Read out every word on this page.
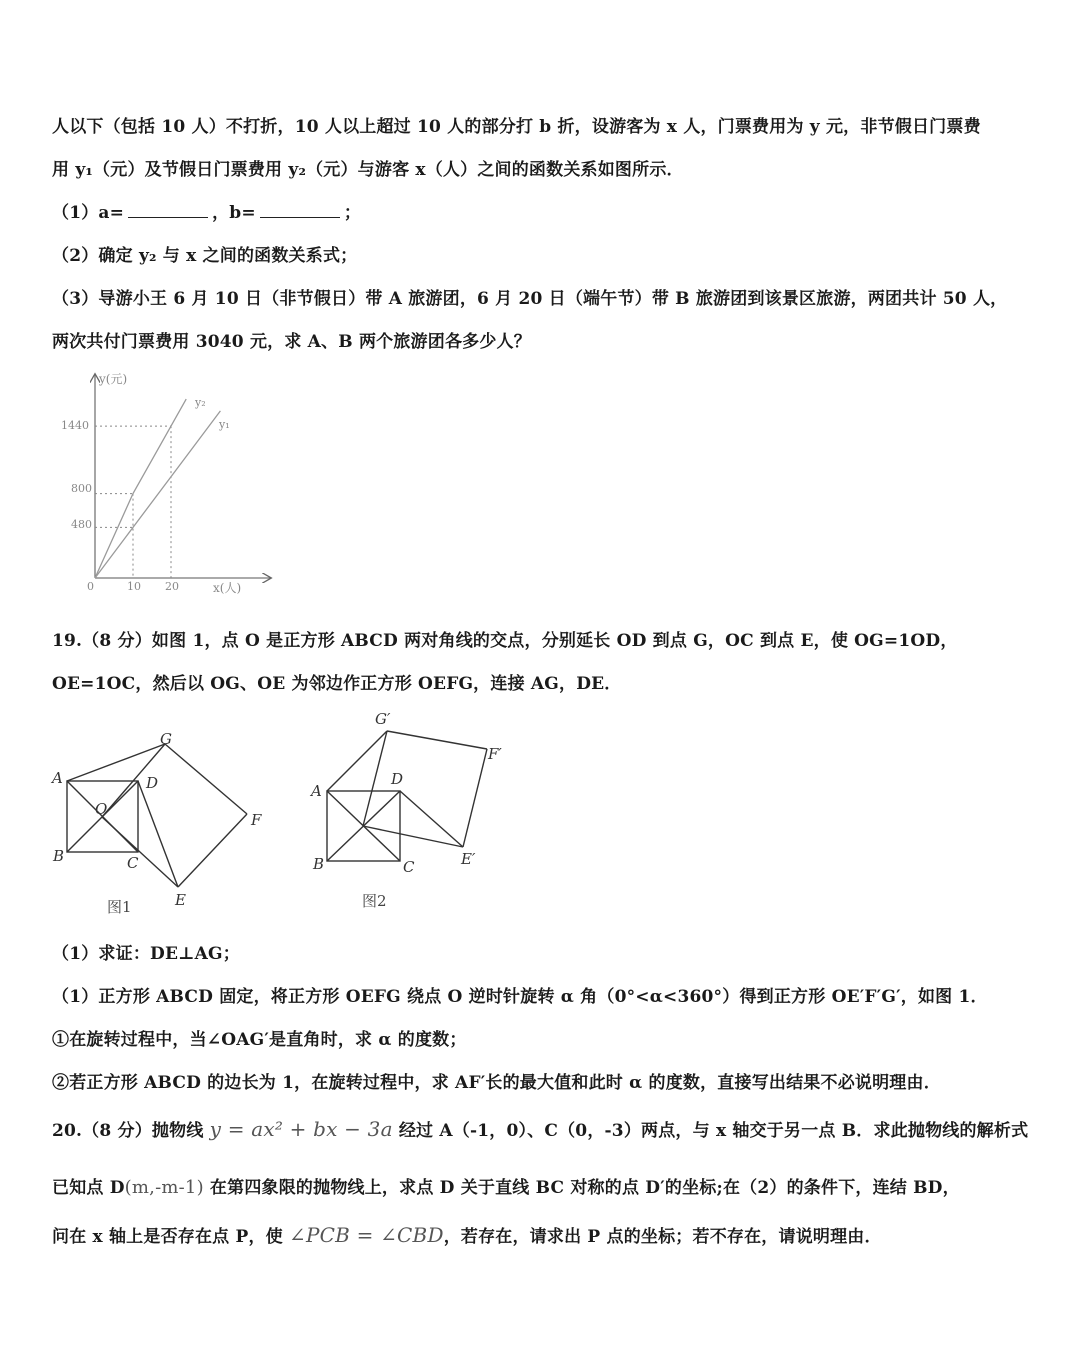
人以下（包括 10 人）不打折，10 人以上超过 10 人的部分打 b 折，设游客为 x 人，门票费用为 y 元，非节假日门票费
用 y₁（元）及节假日门票费用 y₂（元）与游客 x（人）之间的函数关系如图所示．
（1）a=	，b=	；
（2）确定 y₂ 与 x 之间的函数关系式；
（3）导游小王 6 月 10 日（非节假日）带 A 旅游团，6 月 20 日（端午节）带 B 旅游团到该景区旅游，两团共计 50 人，
两次共付门票费用 3040 元，求 A、B 两个旅游团各多少人？
y(元)
x(人)
0
1440
800
480
10 20
y₂
y₁
19.（8 分）如图 1，点 O 是正方形 ABCD 两对角线的交点，分别延长 OD 到点 G，OC 到点 E，使 OG=1OD，
OE=1OC，然后以 OG、OE 为邻边作正方形 OEFG，连接 AG，DE．
A
B	C
D
O
G
E
F
图1
G′
F′
A
D
B	C	E′
图2
（1）求证：DE⊥AG；
（1）正方形 ABCD 固定，将正方形 OEFG 绕点 O 逆时针旋转 α 角（0°<α<360°）得到正方形 OE′F′G′，如图 1．
①在旋转过程中，当∠OAG′是直角时，求 α 的度数；
②若正方形 ABCD 的边长为 1，在旋转过程中，求 AF′长的最大值和此时 α 的度数，直接写出结果不必说明理由．
20.（8 分）抛物线 y = ax² + bx − 3a 经过 A（-1，0）、C（0，-3）两点，与 x 轴交于另一点 B．求此抛物线的解析式
已知点 D(m,-m-1) 在第四象限的抛物线上，求点 D 关于直线 BC 对称的点 D′的坐标;在（2）的条件下，连结 BD，
问在 x 轴上是否存在点 P，使 ∠PCB = ∠CBD，若存在，请求出 P 点的坐标；若不存在，请说明理由．
